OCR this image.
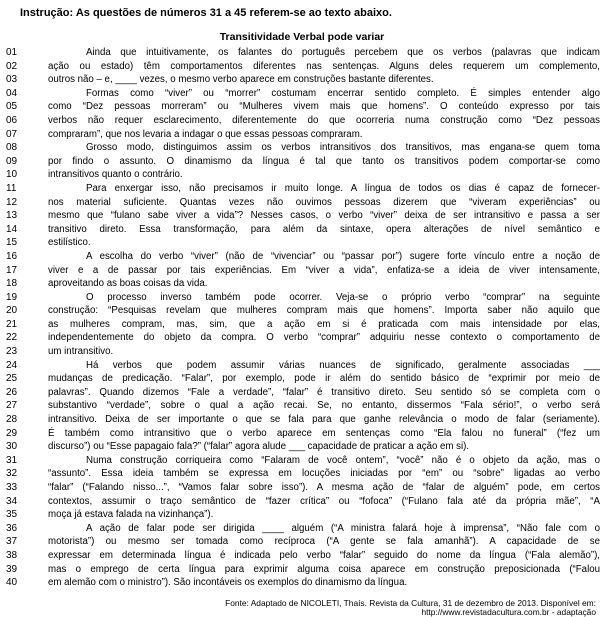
Instrução: As questões de números 31 a 45 referem-se ao texto abaixo.
Transitividade Verbal pode variar
01	Ainda que intuitivamente, os falantes do português percebem que os verbos (palavras que indicam
02	ação ou estado) têm comportamentos diferentes nas sentenças. Alguns deles requerem um complemento,
03	outros não – e, ____ vezes, o mesmo verbo aparece em construções bastante diferentes.
04	Formas como “viver” ou “morrer” costumam encerrar sentido completo. É simples entender algo
05	como “Dez pessoas morreram” ou “Mulheres vivem mais que homens”. O conteúdo expresso por tais
06	verbos não requer esclarecimento, diferentemente do que ocorreria numa construção como “Dez pessoas
07	compraram”, que nos levaria a indagar o que essas pessoas compraram.
08	Grosso modo, distinguimos assim os verbos intransitivos dos transitivos, mas engana-se quem toma
09	por findo o assunto. O dinamismo da língua é tal que tanto os transitivos podem comportar-se como
10	intransitivos quanto o contrário.
11	Para enxergar isso, não precisamos ir muito longe. A língua de todos os dias é capaz de fornecer-
12	nos material suficiente. Quantas vezes não ouvimos pessoas dizerem que “viveram experiências” ou
13	mesmo que “fulano sabe viver a vida”? Nesses casos, o verbo “viver” deixa de ser intransitivo e passa a ser
14	transitivo direto. Essa transformação, para além da sintaxe, opera alterações de nível semântico e
15	estilístico.
16	A escolha do verbo “viver” (não de “vivenciar” ou “passar por”) sugere forte vínculo entre a noção de
17	viver e a de passar por tais experiências. Em “viver a vida”, enfatiza-se a ideia de viver intensamente,
18	aproveitando as boas coisas da vida.
19	O processo inverso também pode ocorrer. Veja-se o próprio verbo “comprar” na seguinte
20	construção: “Pesquisas revelam que mulheres compram mais que homens”. Importa saber não aquilo que
21	as mulheres compram, mas, sim, que a ação em si é praticada com mais intensidade por elas,
22	independentemente do objeto da compra. O verbo “comprar” adquiriu nesse contexto o comportamento de
23	um intransitivo.
24	Há verbos que podem assumir várias nuances de significado, geralmente associadas ___
25	mudanças de predicação. “Falar”, por exemplo, pode ir além do sentido básico de “exprimir por meio de
26	palavras”. Quando dizemos “Fale a verdade”, “falar” é transitivo direto. Seu sentido só se completa com o
27	substantivo “verdade”, sobre o qual a ação recai. Se, no entanto, dissermos “Fala sério!”, o verbo será
28	intransitivo. Deixa de ser importante o que se fala para que ganhe relevância o modo de falar (seriamente).
29	É também como intransitivo que o verbo aparece em sentenças como “Ela falou no funeral” (“fez um
30	discurso”) ou “Esse papagaio fala?” (“falar” agora alude ___ capacidade de praticar a ação em si).
31	Numa construção corriqueira como “Falaram de você ontem”, “você” não é o objeto da ação, mas o
32	“assunto”. Essa ideia também se expressa em locuções iniciadas por “em” ou “sobre” ligadas ao verbo
33	“falar” (“Falando nisso...”, “Vamos falar sobre isso”). A mesma ação de “falar de alguém” pode, em certos
34	contextos, assumir o traço semântico de “fazer crítica” ou “fofoca” (“Fulano fala até da própria mãe”, “A
35	moça já estava falada na vizinhança”).
36	A ação de falar pode ser dirigida ____ alguém (“A ministra falará hoje à imprensa”, “Não fale com o
37	motorista”) ou mesmo ser tomada como recíproca (“A gente se fala amanhã”). A capacidade de se
38	expressar em determinada língua é indicada pelo verbo “falar” seguido do nome da língua (“Fala alemão”),
39	mas o emprego de certa língua para exprimir alguma coisa aparece em construção preposicionada (“Falou
40	em alemão com o ministro”). São incontáveis os exemplos do dinamismo da língua.
Fonte: Adaptado de NICOLETI, Thaís. Revista da Cultura, 31 de dezembro de 2013. Disponível em:
http://www.revistadacultura.com.br - adaptação
